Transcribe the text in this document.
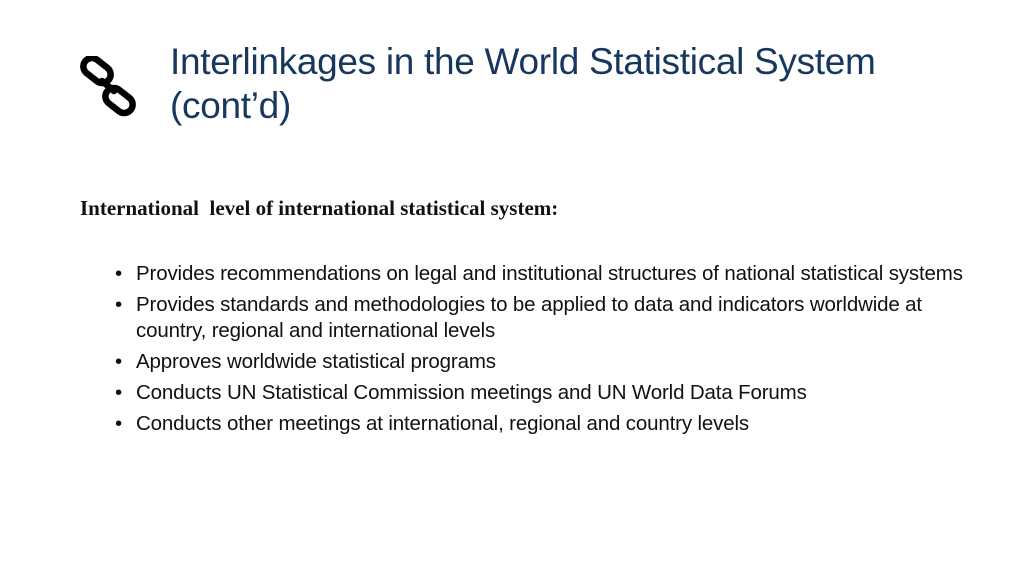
Interlinkages in the World Statistical System
(cont’d)

International  level of international statistical system:

• Provides recommendations on legal and institutional structures of national statistical systems
• Provides standards and methodologies to be applied to data and indicators worldwide at country, regional and international levels
• Approves worldwide statistical programs
• Conducts UN Statistical Commission meetings and UN World Data Forums
• Conducts other meetings at international, regional and country levels
